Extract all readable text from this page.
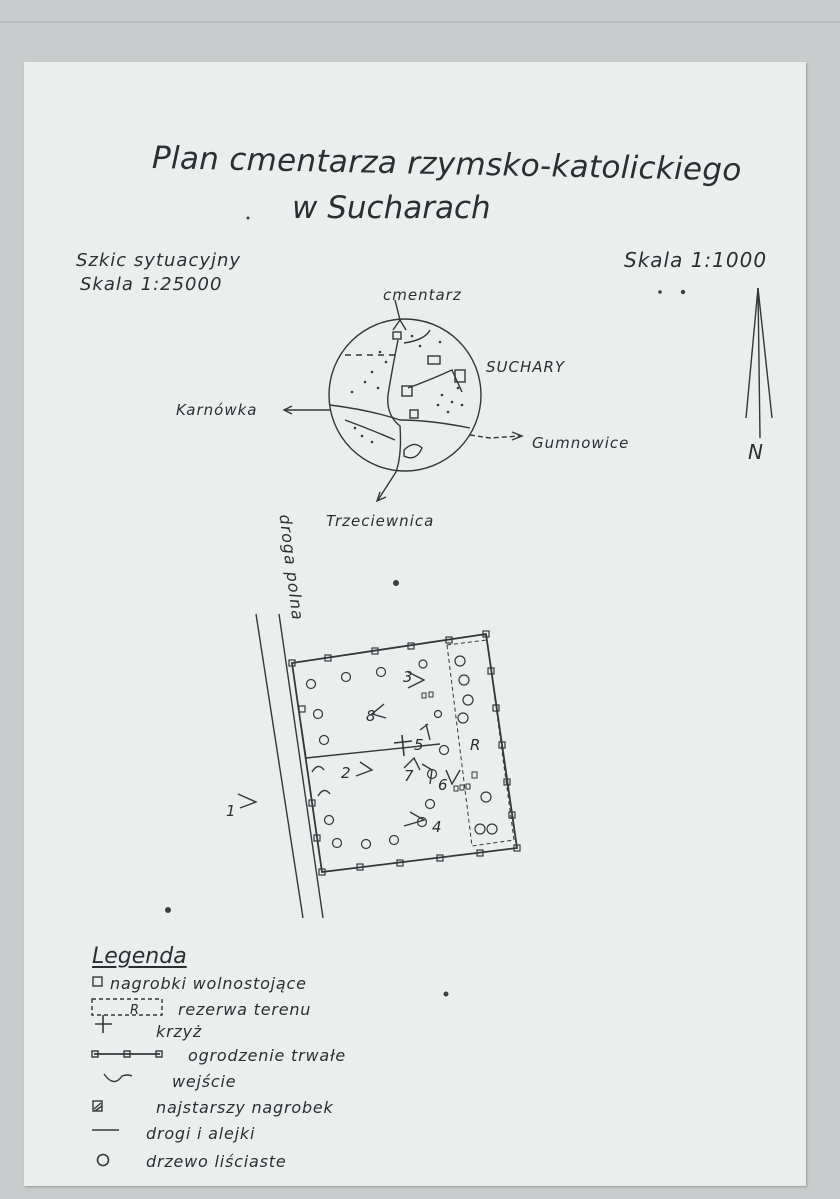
Plan cmentarza rzymsko-katolickiego
w Sucharach
Szkic sytuacyjny
Skala 1:25000
Skala 1:1000
cmentarz
SUCHARY
Karnówka
Gumnowice
Trzeciewnica
N
droga polna
3
8
5
2	7 6
1
4
R
Legenda
R
nagrobki wolnostojące
rezerwa terenu
krzyż
ogrodzenie trwałe
wejście
najstarszy nagrobek
drogi i alejki
drzewo liściaste
